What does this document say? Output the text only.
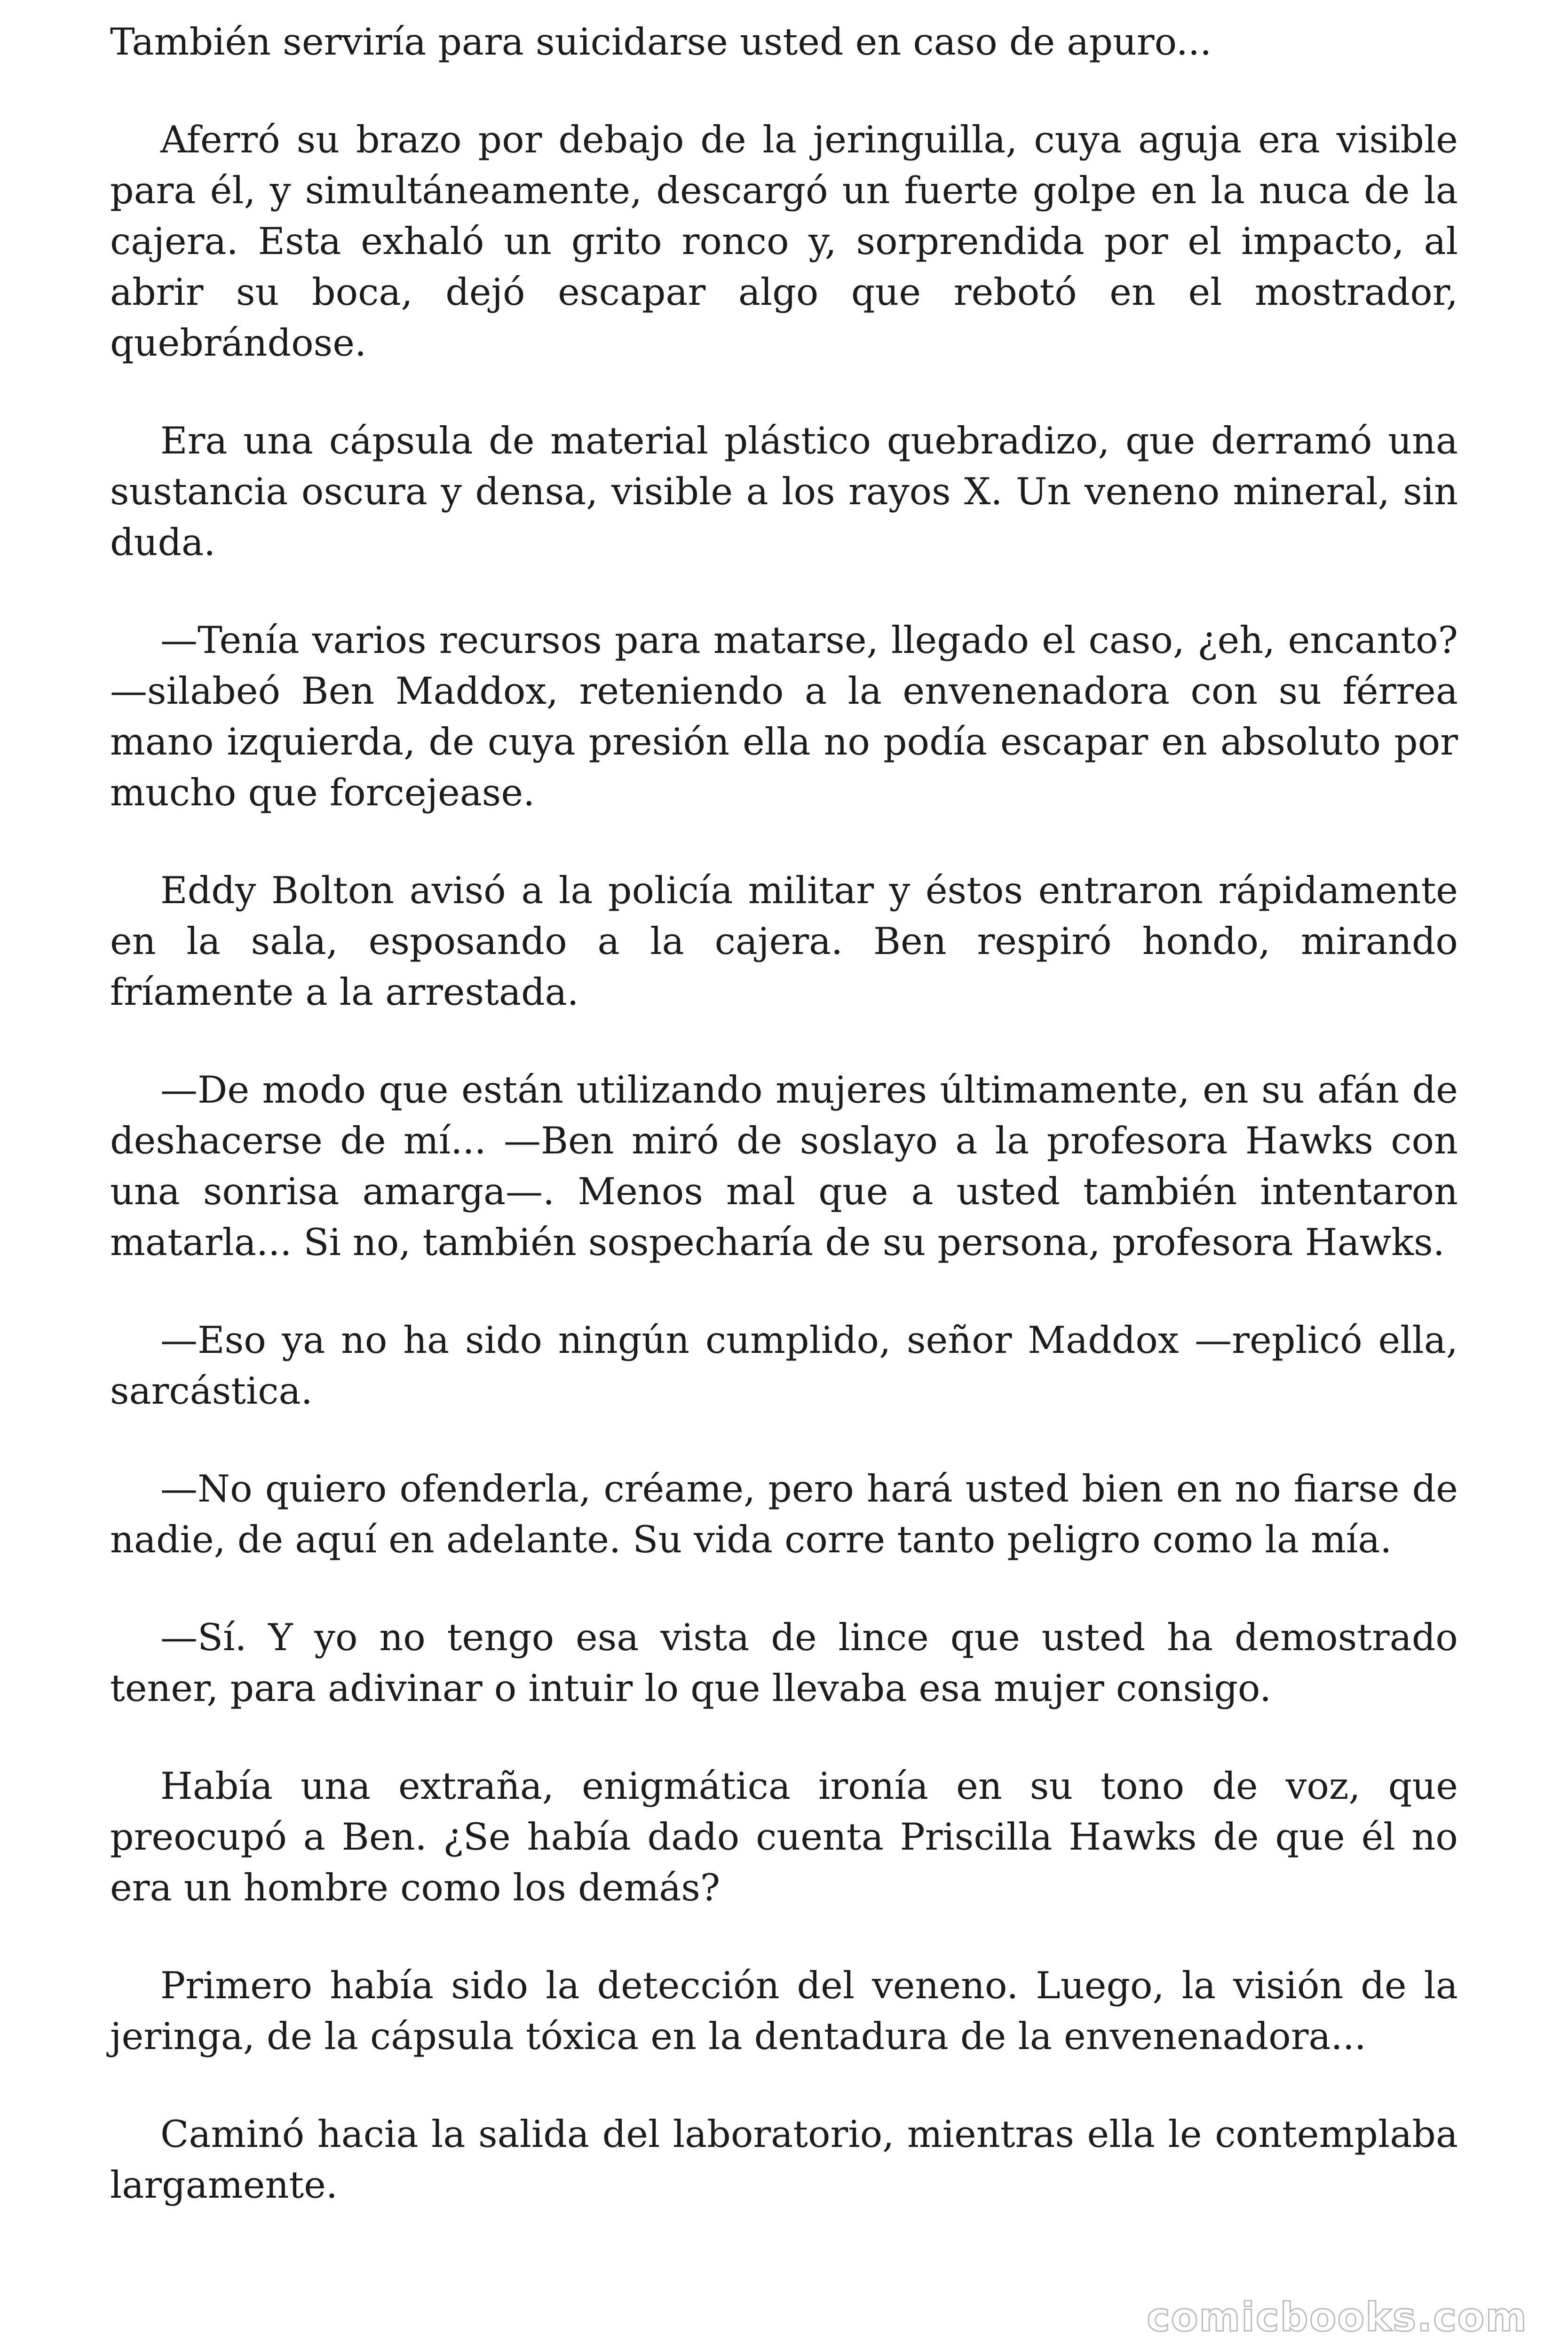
También serviría para suicidarse usted en caso de apuro...

Aferró su brazo por debajo de la jeringuilla, cuya aguja era visible para él, y simultáneamente, descargó un fuerte golpe en la nuca de la cajera. Esta exhaló un grito ronco y, sorprendida por el impacto, al abrir su boca, dejó escapar algo que rebotó en el mostrador, quebrándose.

Era una cápsula de material plástico quebradizo, que derramó una sustancia oscura y densa, visible a los rayos X. Un veneno mineral, sin duda.

—Tenía varios recursos para matarse, llegado el caso, ¿eh, encanto? —silabeó Ben Maddox, reteniendo a la envenenadora con su férrea mano izquierda, de cuya presión ella no podía escapar en absoluto por mucho que forcejease.

Eddy Bolton avisó a la policía militar y éstos entraron rápidamente en la sala, esposando a la cajera. Ben respiró hondo, mirando fríamente a la arrestada.

—De modo que están utilizando mujeres últimamente, en su afán de deshacerse de mí... —Ben miró de soslayo a la profesora Hawks con una sonrisa amarga—. Menos mal que a usted también intentaron matarla... Si no, también sospecharía de su persona, profesora Hawks.

—Eso ya no ha sido ningún cumplido, señor Maddox —replicó ella, sarcástica.

—No quiero ofenderla, créame, pero hará usted bien en no fiarse de nadie, de aquí en adelante. Su vida corre tanto peligro como la mía.

—Sí. Y yo no tengo esa vista de lince que usted ha demostrado tener, para adivinar o intuir lo que llevaba esa mujer consigo.

Había una extraña, enigmática ironía en su tono de voz, que preocupó a Ben. ¿Se había dado cuenta Priscilla Hawks de que él no era un hombre como los demás?

Primero había sido la detección del veneno. Luego, la visión de la jeringa, de la cápsula tóxica en la dentadura de la envenenadora...

Caminó hacia la salida del laboratorio, mientras ella le contemplaba largamente.

comicbooks.com
